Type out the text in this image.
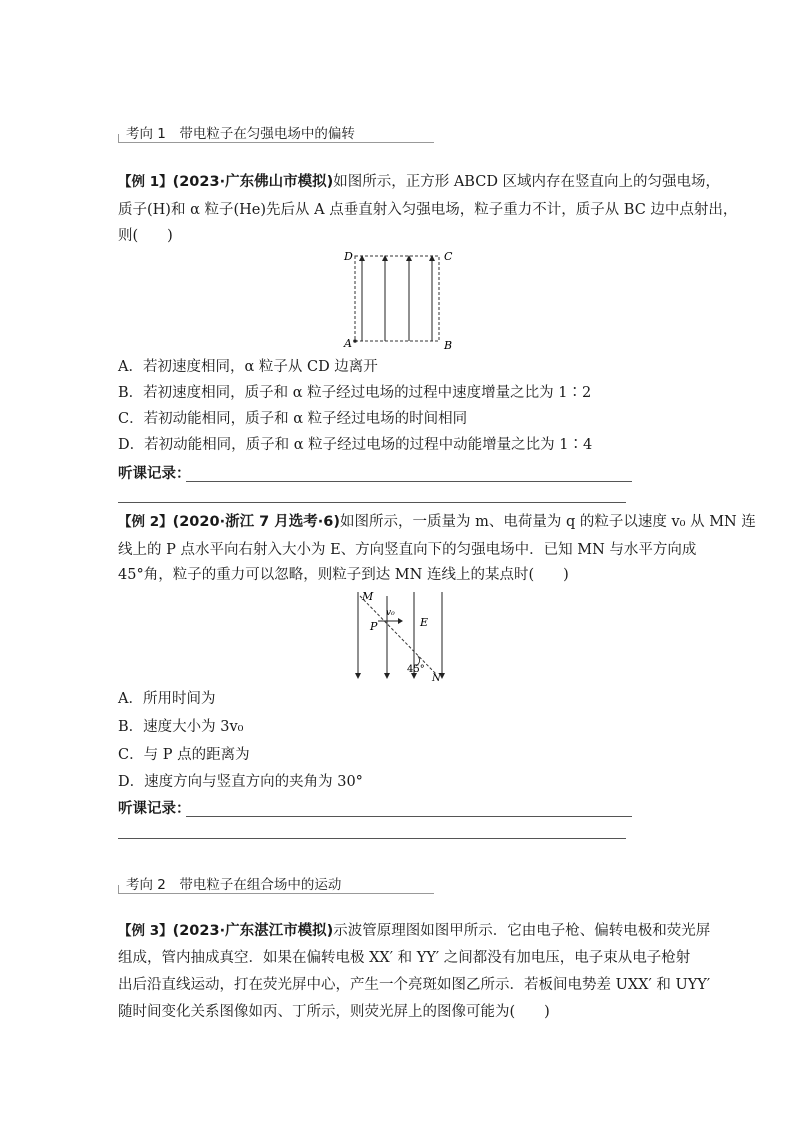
考向 1　带电粒子在匀强电场中的偏转
【例 1】(2023·广东佛山市模拟)如图所示，正方形 ABCD 区域内存在竖直向上的匀强电场，
质子(H)和 α 粒子(He)先后从 A 点垂直射入匀强电场，粒子重力不计，质子从 BC 边中点射出，
则(　　)
D	C
A	B
A．若初速度相同，α 粒子从 CD 边离开
B．若初速度相同，质子和 α 粒子经过电场的过程中速度增量之比为 1∶2
C．若初动能相同，质子和 α 粒子经过电场的时间相同
D．若初动能相同，质子和 α 粒子经过电场的过程中动能增量之比为 1∶4
听课记录：
【例 2】(2020·浙江 7 月选考·6)如图所示，一质量为 m、电荷量为 q 的粒子以速度 v₀ 从 MN 连
线上的 P 点水平向右射入大小为 E、方向竖直向下的匀强电场中．已知 MN 与水平方向成
45°角，粒子的重力可以忽略，则粒子到达 MN 连线上的某点时(　　)
M
P
v₀
E
45°
N
A．所用时间为
B．速度大小为 3v₀
C．与 P 点的距离为
D．速度方向与竖直方向的夹角为 30°
听课记录：
考向 2　带电粒子在组合场中的运动
【例 3】(2023·广东湛江市模拟)示波管原理图如图甲所示．它由电子枪、偏转电极和荧光屏
组成，管内抽成真空．如果在偏转电极 XX′ 和 YY′ 之间都没有加电压，电子束从电子枪射
出后沿直线运动，打在荧光屏中心，产生一个亮斑如图乙所示．若板间电势差 UXX′ 和 UYY′
随时间变化关系图像如丙、丁所示，则荧光屏上的图像可能为(　　)
